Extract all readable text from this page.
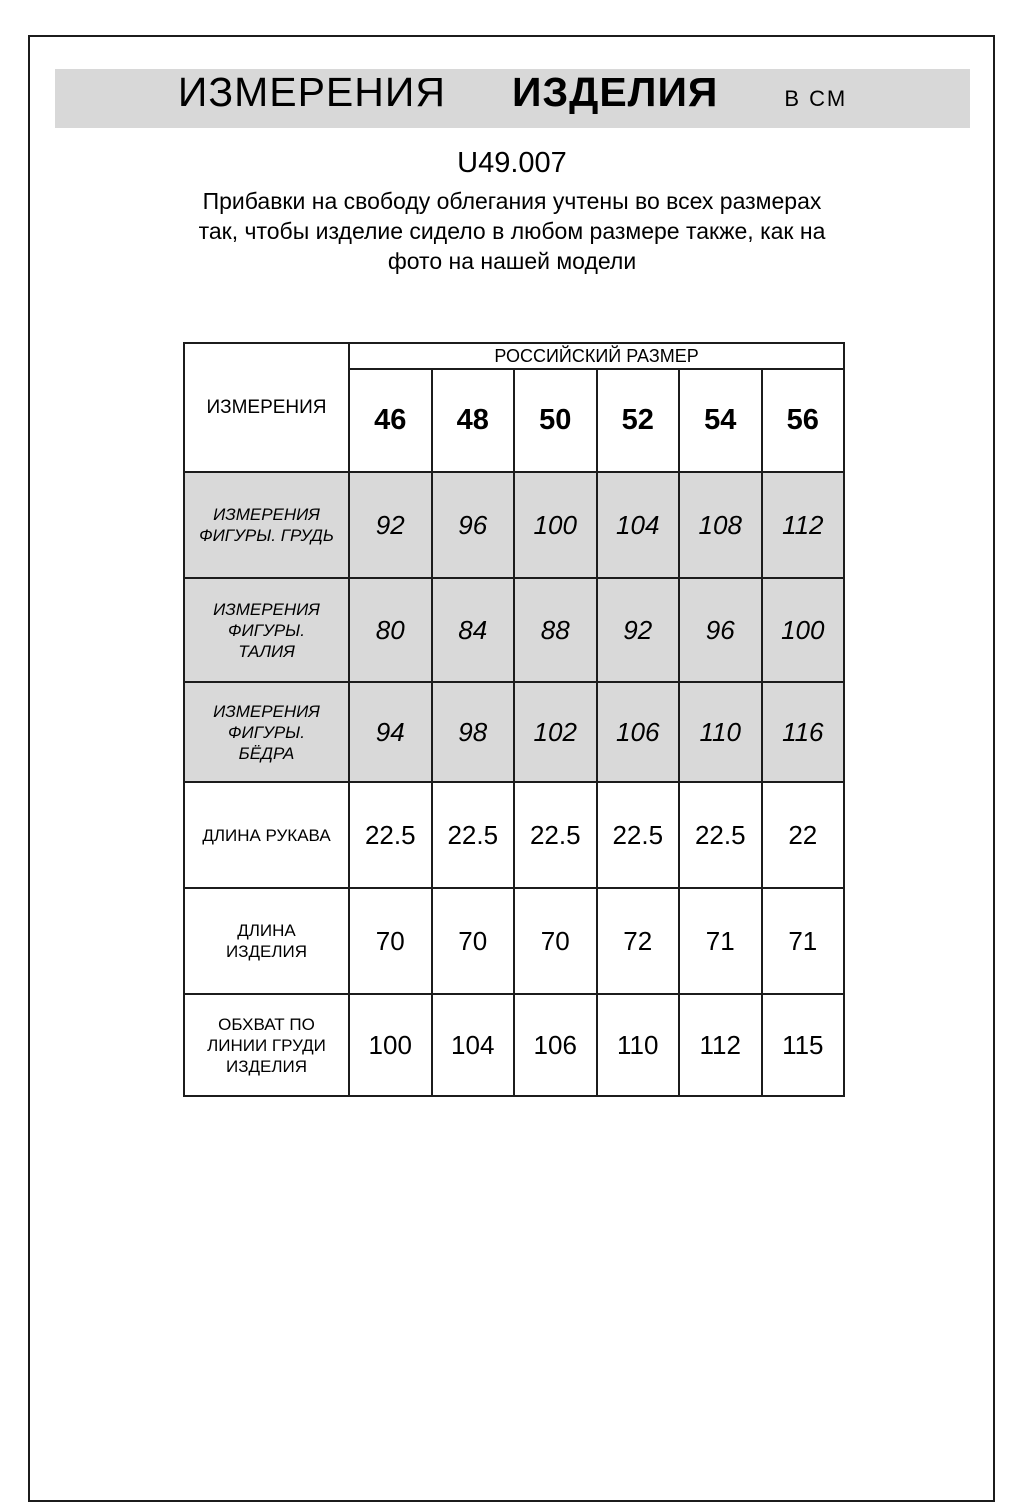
ИЗМЕРЕНИЯ ИЗДЕЛИЯ	В СМ
U49.007
Прибавки на свободу облегания учтены во всех размерах
так, чтобы изделие сидело в любом размере также, как на
фото на нашей модели
ИЗМЕРЕНИЯ	РОССИЙСКИЙ РАЗМЕР					
	46	48	50	52	54	56
ИЗМЕРЕНИЯ ФИГУРЫ. ГРУДЬ	92	96	100	104	108	112
ИЗМЕРЕНИЯ ФИГУРЫ. ТАЛИЯ	80	84	88	92	96	100
ИЗМЕРЕНИЯ ФИГУРЫ. БЁДРА	94	98	102	106	110	116
ДЛИНА РУКАВА	22.5	22.5	22.5	22.5	22.5	22
ДЛИНА ИЗДЕЛИЯ	70	70	70	72	71	71
ОБХВАТ ПО ЛИНИИ ГРУДИ ИЗДЕЛИЯ	100	104	106	110	112	115
